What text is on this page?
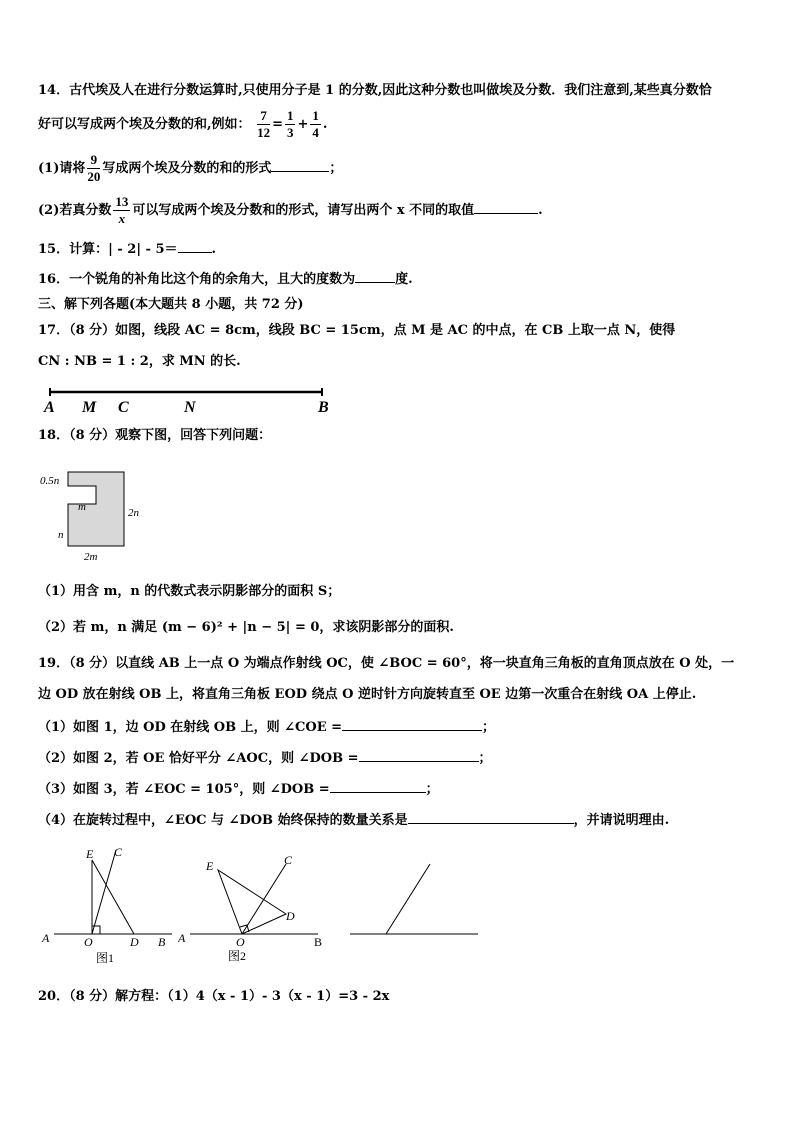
14．古代埃及人在进行分数运算时,只使用分子是 1 的分数,因此这种分数也叫做埃及分数．我们注意到,某些真分数恰
好可以写成两个埃及分数的和,例如： $\frac{7}{12} = \frac{1}{3} + \frac{1}{4}$ .
(1)请将 $\frac{9}{20}$ 写成两个埃及分数的和的形式	；
(2)若真分数 $\frac{13}{x}$ 可以写成两个埃及分数和的形式，请写出两个 x 不同的取值	.
15．计算：| - 2| - 5＝	.
16．一个锐角的补角比这个角的余角大，且大的度数为	度.
三、解下列各题(本大题共 8 小题，共 72 分)
17．（8 分）如图，线段 AC = 8cm，线段 BC = 15cm，点 M 是 AC 的中点，在 CB 上取一点 N，使得
CN : NB = 1 : 2，求 MN 的长.
A M C	N	B
18．（8 分）观察下图，回答下列问题：
0.5n
m	2n
n
2m
（1）用含 m，n 的代数式表示阴影部分的面积 S；
（2）若 m，n 满足 (m − 6)² + |n − 5| = 0，求该阴影部分的面积.
19．（8 分）以直线 AB 上一点 O 为端点作射线 OC，使 ∠BOC = 60°，将一块直角三角板的直角顶点放在 O 处，一
边 OD 放在射线 OB 上，将直角三角板 EOD 绕点 O 逆时针方向旋转直至 OE 边第一次重合在射线 OA 上停止.
（1）如图 1，边 OD 在射线 OB 上，则 ∠COE =	；
（2）如图 2，若 OE 恰好平分 ∠AOC，则 ∠DOB =	；
（3）如图 3，若 ∠EOC = 105°，则 ∠DOB =	；
（4）在旋转过程中，∠EOC 与 ∠DOB 始终保持的数量关系是	，并请说明理由.
E C
A	O	D B
图1
E	C
D
A	O	B
图2
20．（8 分）解方程：（1）4（x - 1）- 3（x - 1）=3 - 2x
